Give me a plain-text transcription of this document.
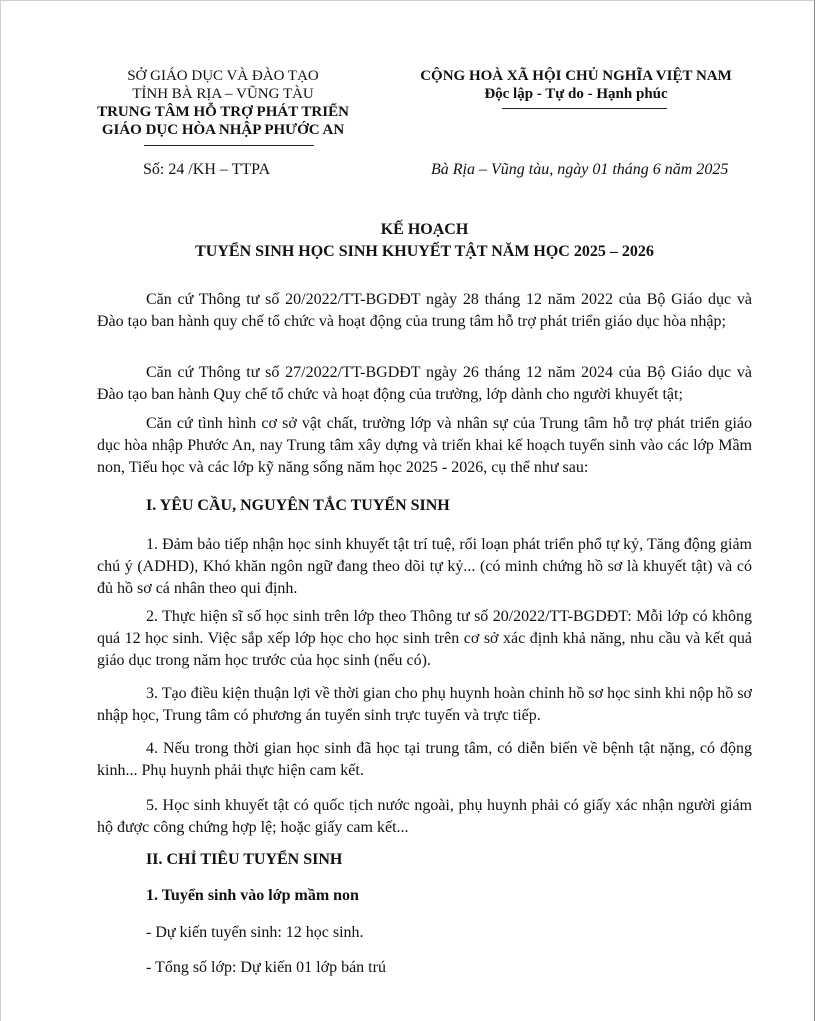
SỞ GIÁO DỤC VÀ ĐÀO TẠO
TỈNH BÀ RỊA – VŨNG TÀU
TRUNG TÂM HỖ TRỢ PHÁT TRIỂN
GIÁO DỤC HÒA NHẬP PHƯỚC AN
CỘNG HOÀ XÃ HỘI CHỦ NGHĨA VIỆT NAM
Độc lập - Tự do - Hạnh phúc
Số: 24 /KH – TTPA	Bà Rịa – Vũng tàu, ngày 01 tháng 6 năm 2025
KẾ HOẠCH
TUYỂN SINH HỌC SINH KHUYẾT TẬT NĂM HỌC 2025 – 2026
Căn cứ Thông tư số 20/2022/TT-BGDĐT ngày 28 tháng 12 năm 2022 của Bộ Giáo dục và Đào tạo ban hành quy chế tổ chức và hoạt động của trung tâm hỗ trợ phát triển giáo dục hòa nhập;
Căn cứ Thông tư số 27/2022/TT-BGDĐT ngày 26 tháng 12 năm 2024 của Bộ Giáo dục và Đào tạo ban hành Quy chế tổ chức và hoạt động của trường, lớp dành cho người khuyết tật;
Căn cứ tình hình cơ sở vật chất, trường lớp và nhân sự của Trung tâm hỗ trợ phát triển giáo dục hòa nhập Phước An, nay Trung tâm xây dựng và triển khai kế hoạch tuyển sinh vào các lớp Mầm non, Tiểu học và các lớp kỹ năng sống năm học 2025 - 2026, cụ thể như sau:
I. YÊU CẦU, NGUYÊN TẮC TUYỂN SINH
1. Đảm bảo tiếp nhận học sinh khuyết tật trí tuệ, rối loạn phát triển phổ tự kỷ, Tăng động giảm chú ý (ADHD), Khó khăn ngôn ngữ đang theo dõi tự kỷ... (có minh chứng hồ sơ là khuyết tật) và có đủ hồ sơ cá nhân theo qui định.
2. Thực hiện sĩ số học sinh trên lớp theo Thông tư số 20/2022/TT-BGDĐT: Mỗi lớp có không quá 12 học sinh. Việc sắp xếp lớp học cho học sinh trên cơ sở xác định khả năng, nhu cầu và kết quả giáo dục trong năm học trước của học sinh (nếu có).
3. Tạo điều kiện thuận lợi về thời gian cho phụ huynh hoàn chỉnh hồ sơ học sinh khi nộp hồ sơ nhập học, Trung tâm có phương án tuyển sinh trực tuyến và trực tiếp.
4. Nếu trong thời gian học sinh đã học tại trung tâm, có diễn biến về bệnh tật nặng, có động kinh... Phụ huynh phải thực hiện cam kết.
5. Học sinh khuyết tật có quốc tịch nước ngoài, phụ huynh phải có giấy xác nhận người giám hộ được công chứng hợp lệ; hoặc giấy cam kết...
II. CHỈ TIÊU TUYỂN SINH
1. Tuyển sinh vào lớp mầm non
- Dự kiến tuyển sinh: 12 học sinh.
- Tổng số lớp: Dự kiến 01 lớp bán trú
